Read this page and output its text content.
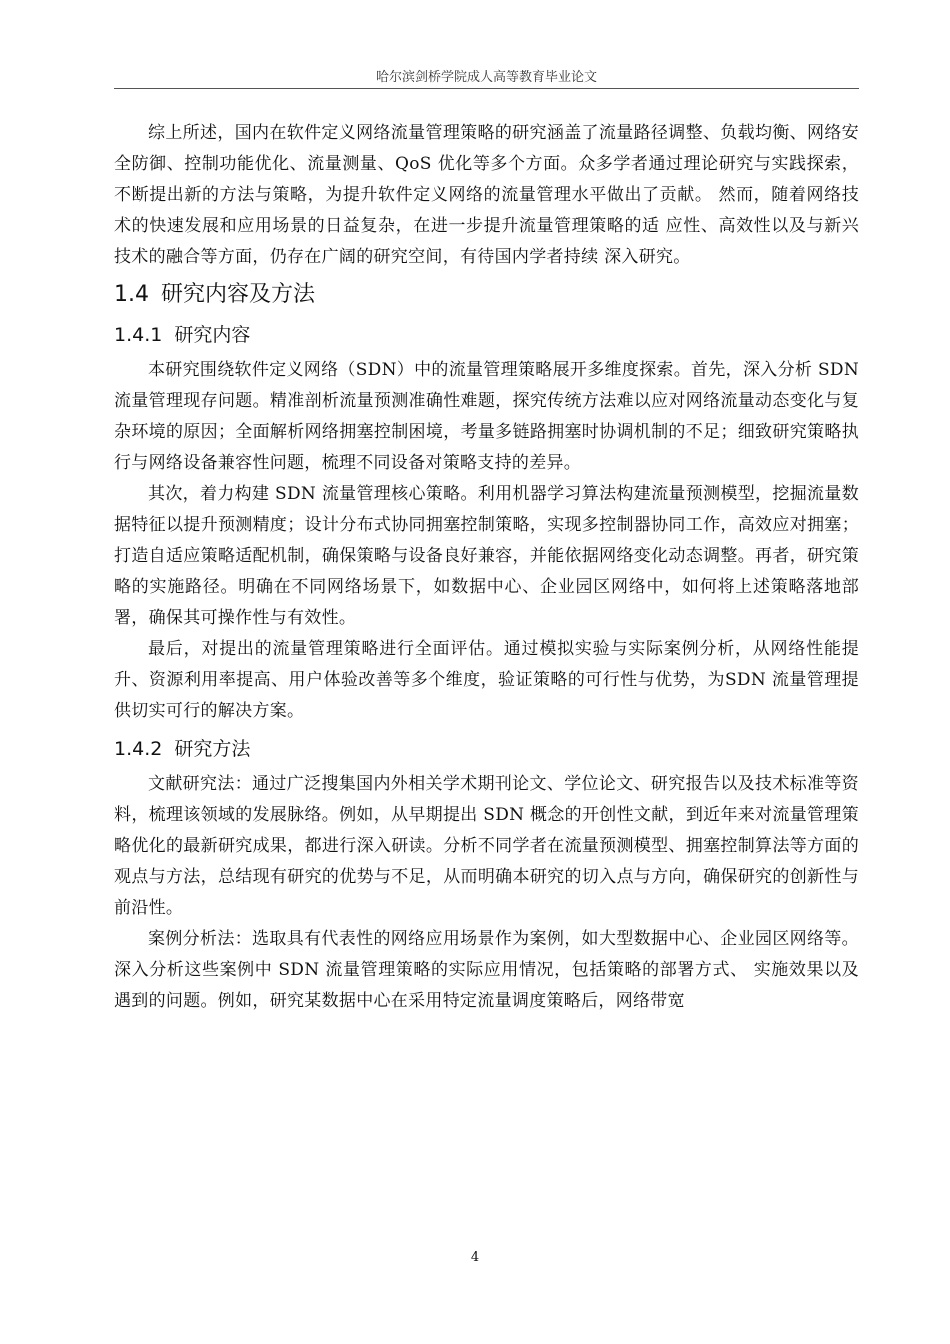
哈尔滨剑桥学院成人高等教育毕业论文

综上所述，国内在软件定义网络流量管理策略的研究涵盖了流量路径调整、负载均衡、网络安全防御、控制功能优化、流量测量、QoS 优化等多个方面。众多学者通过理论研究与实践探索，不断提出新的方法与策略，为提升软件定义网络的流量管理水平做出了贡献。 然而，随着网络技术的快速发展和应用场景的日益复杂，在进一步提升流量管理策略的适 应性、高效性以及与新兴技术的融合等方面，仍存在广阔的研究空间，有待国内学者持续 深入研究。

1.4 研究内容及方法
1.4.1 研究内容

本研究围绕软件定义网络（SDN）中的流量管理策略展开多维度探索。首先，深入分析 SDN 流量管理现存问题。精准剖析流量预测准确性难题，探究传统方法难以应对网络流量动态变化与复杂环境的原因；全面解析网络拥塞控制困境，考量多链路拥塞时协调机制的不足；细致研究策略执行与网络设备兼容性问题，梳理不同设备对策略支持的差异。

其次，着力构建 SDN 流量管理核心策略。利用机器学习算法构建流量预测模型，挖掘流量数据特征以提升预测精度；设计分布式协同拥塞控制策略，实现多控制器协同工作，高效应对拥塞；打造自适应策略适配机制，确保策略与设备良好兼容，并能依据网络变化动态调整。再者，研究策略的实施路径。明确在不同网络场景下，如数据中心、企业园区网络中，如何将上述策略落地部署，确保其可操作性与有效性。

最后，对提出的流量管理策略进行全面评估。通过模拟实验与实际案例分析，从网络性能提升、资源利用率提高、用户体验改善等多个维度，验证策略的可行性与优势，为SDN 流量管理提供切实可行的解决方案。

1.4.2 研究方法

文献研究法：通过广泛搜集国内外相关学术期刊论文、学位论文、研究报告以及技术标准等资料，梳理该领域的发展脉络。例如，从早期提出 SDN 概念的开创性文献，到近年来对流量管理策略优化的最新研究成果，都进行深入研读。分析不同学者在流量预测模型、拥塞控制算法等方面的观点与方法，总结现有研究的优势与不足，从而明确本研究的切入点与方向，确保研究的创新性与前沿性。

案例分析法：选取具有代表性的网络应用场景作为案例，如大型数据中心、企业园区网络等。深入分析这些案例中 SDN 流量管理策略的实际应用情况，包括策略的部署方式、 实施效果以及遇到的问题。例如，研究某数据中心在采用特定流量调度策略后，网络带宽

4
